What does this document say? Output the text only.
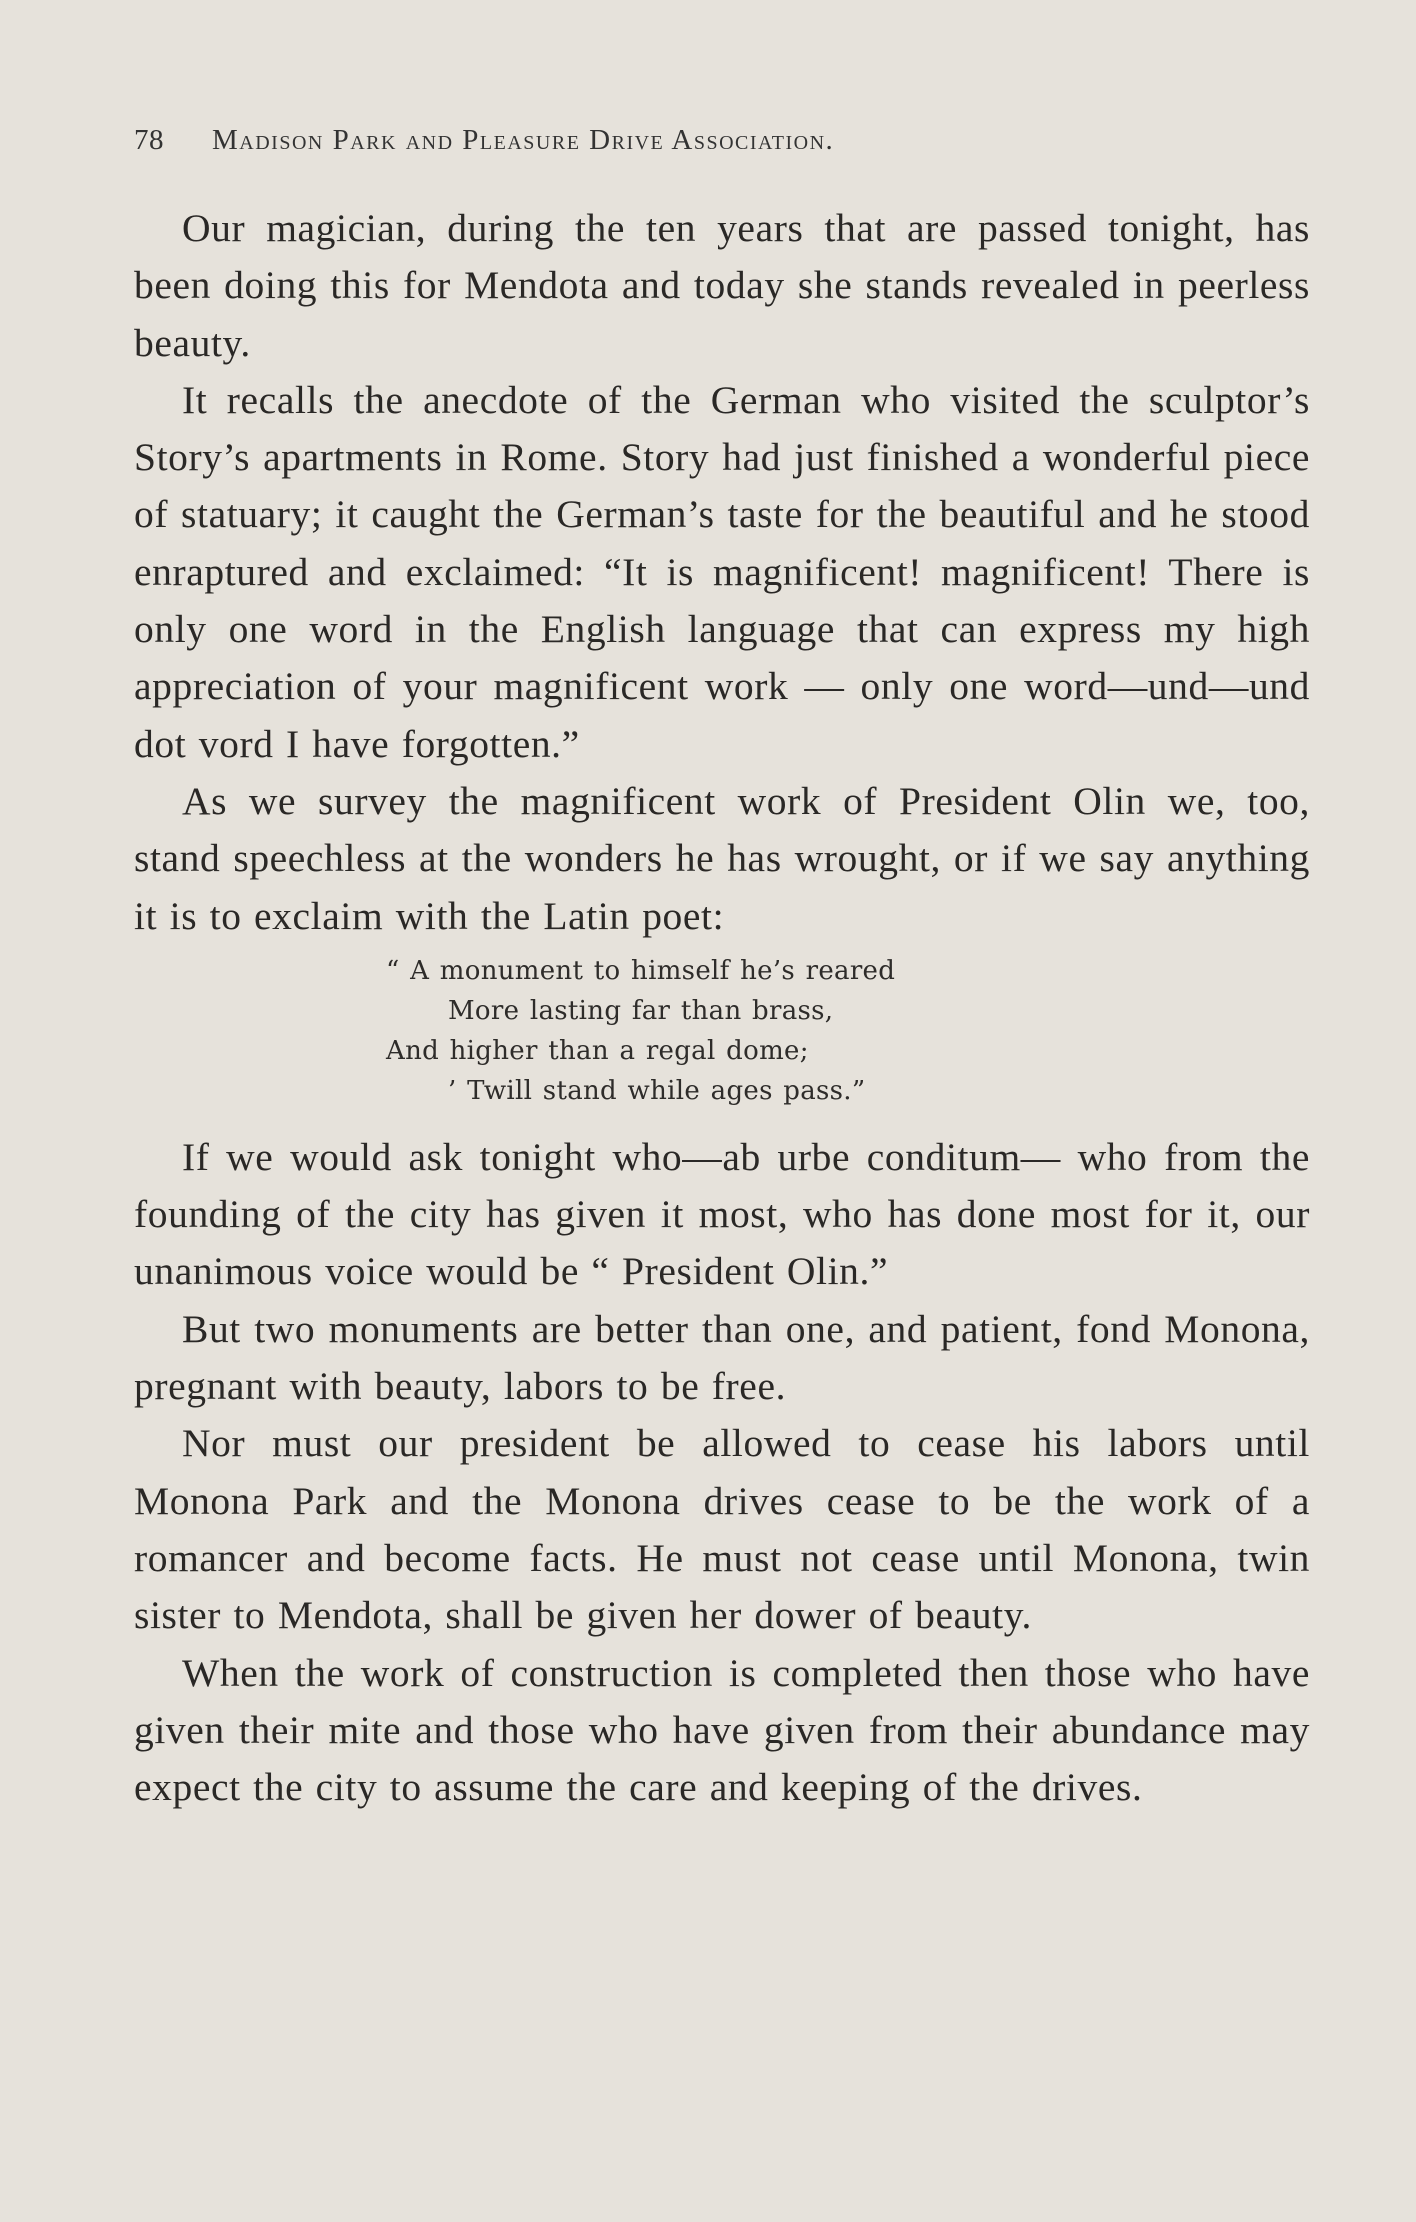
78	Madison Park and Pleasure Drive Association.

Our magician, during the ten years that are passed tonight, has been doing this for Mendota and today she stands revealed in peerless beauty.

It recalls the anecdote of the German who visited the sculptor’s Story’s apartments in Rome. Story had just finished a wonderful piece of statuary; it caught the German’s taste for the beautiful and he stood enraptured and exclaimed: “It is magnificent! magnificent! There is only one word in the English language that can express my high appreciation of your magnificent work — only one word—und—und dot vord I have forgotten.”

As we survey the magnificent work of President Olin we, too, stand speechless at the wonders he has wrought, or if we say anything it is to exclaim with the Latin poet:

“ A monument to himself he’s reared
More lasting far than brass,
And higher than a regal dome;
’ Twill stand while ages pass.”

If we would ask tonight who—ab urbe conditum— who from the founding of the city has given it most, who has done most for it, our unanimous voice would be “ President Olin.”

But two monuments are better than one, and patient, fond Monona, pregnant with beauty, labors to be free.

Nor must our president be allowed to cease his labors until Monona Park and the Monona drives cease to be the work of a romancer and become facts. He must not cease until Monona, twin sister to Mendota, shall be given her dower of beauty.

When the work of construction is completed then those who have given their mite and those who have given from their abundance may expect the city to assume the care and keeping of the drives.
